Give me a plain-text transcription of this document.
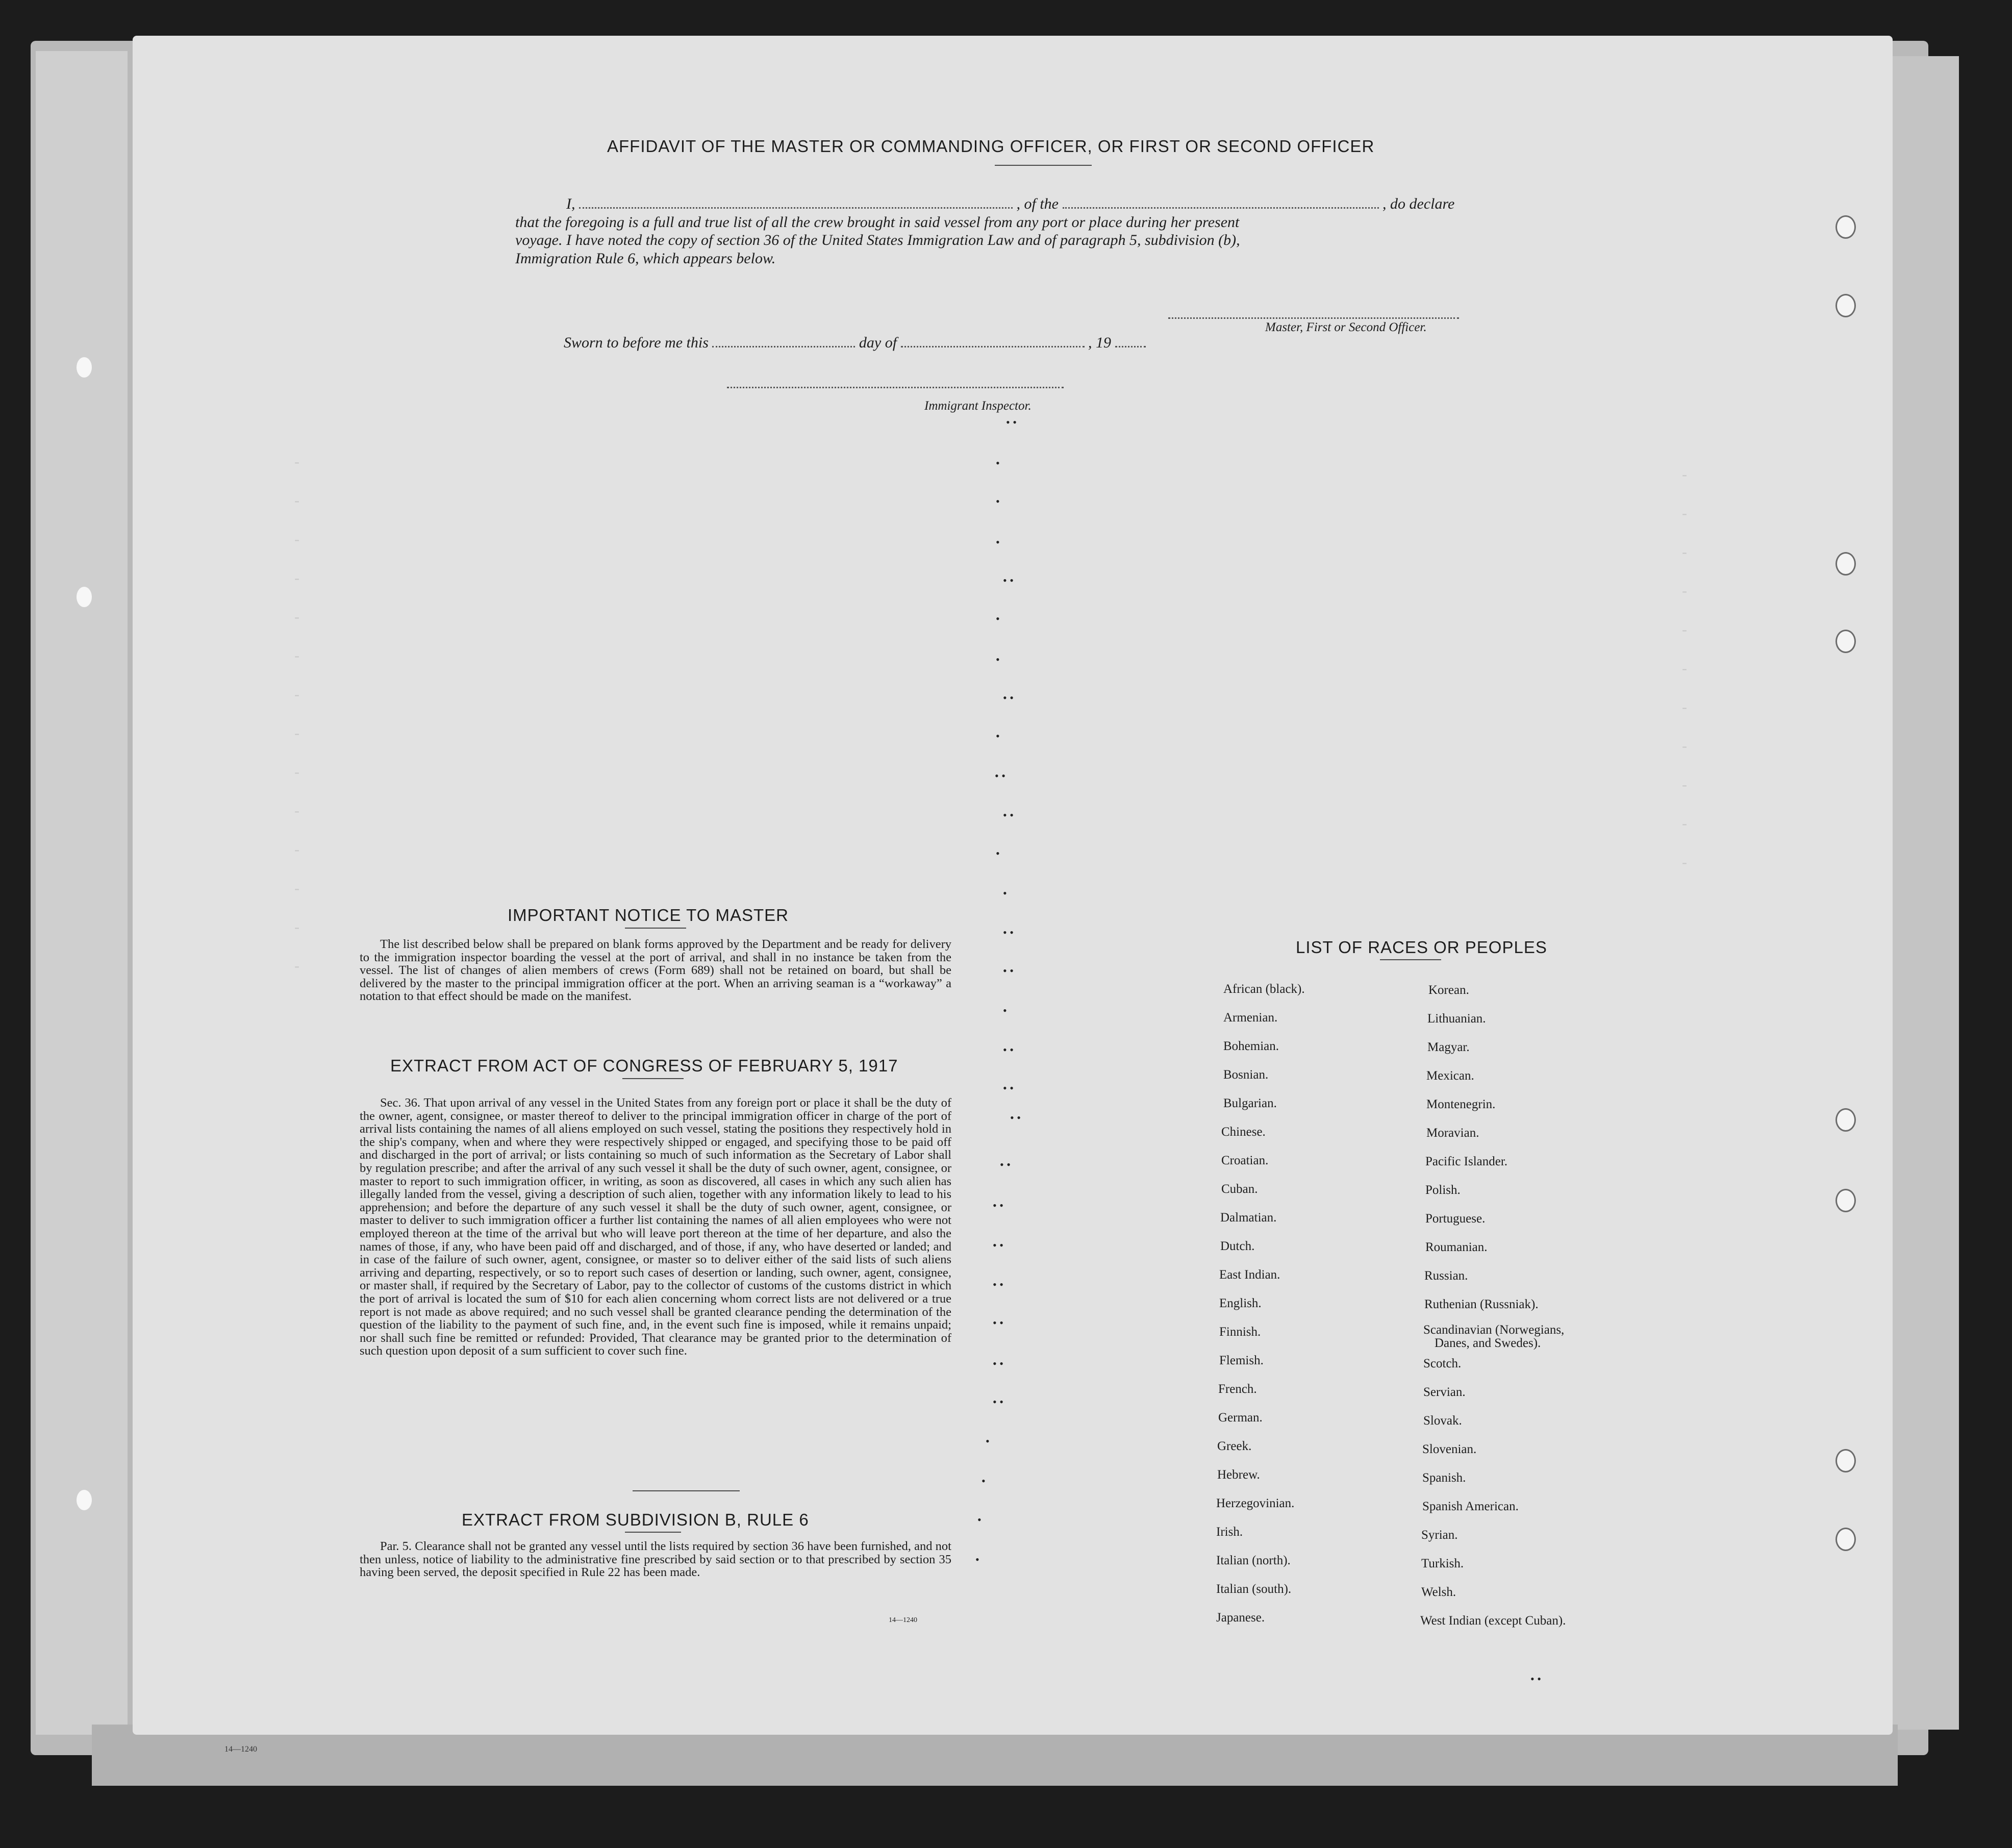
14—1240

-
-
-
-
-
-
-
-
-
-
-
-
-
-

-
-
-
-
-
-
-
-
-
-
-

AFFIDAVIT OF THE MASTER OR COMMANDING OFFICER, OR FIRST OR SECOND OFFICER
I,	, of the	, do declare
that the foregoing is a full and true list of all the crew brought in said vessel from any port or place during her present
voyage. I have noted the copy of section 36 of the United States Immigration Law and of paragraph 5, subdivision (b),
Immigration Rule 6, which appears below.
Master, First or Second Officer.
Sworn to before me this	day of	, 19
Immigrant Inspector.
IMPORTANT NOTICE TO MASTER

The list described below shall be prepared on blank forms approved by the Department and be ready for delivery to the immigration inspector boarding the vessel at the port of arrival, and shall in no instance be taken from the vessel. The list of changes of alien members of crews (Form 689) shall not be retained on board, but shall be delivered by the master to the principal immigration officer at the port. When an arriving seaman is a “workaway” a notation to that effect should be made on the manifest.

EXTRACT FROM ACT OF CONGRESS OF FEBRUARY 5, 1917

Sec. 36. That upon arrival of any vessel in the United States from any foreign port or place it shall be the duty of the owner, agent, consignee, or master thereof to deliver to the principal immigration officer in charge of the port of arrival lists containing the names of all aliens employed on such vessel, stating the positions they respectively hold in the ship's company, when and where they were respectively shipped or engaged, and specifying those to be paid off and discharged in the port of arrival; or lists containing so much of such information as the Secretary of Labor shall by regulation prescribe; and after the arrival of any such vessel it shall be the duty of such owner, agent, consignee, or master to report to such immigration officer, in writing, as soon as discovered, all cases in which any such alien has illegally landed from the vessel, giving a description of such alien, together with any information likely to lead to his apprehension; and before the departure of any such vessel it shall be the duty of such owner, agent, consignee, or master to deliver to such immigration officer a further list containing the names of all alien employees who were not employed thereon at the time of the arrival but who will leave port thereon at the time of her departure, and also the names of those, if any, who have been paid off and discharged, and of those, if any, who have deserted or landed; and in case of the failure of such owner, agent, consignee, or master so to deliver either of the said lists of such aliens arriving and departing, respectively, or so to report such cases of desertion or landing, such owner, agent, consignee, or master shall, if required by the Secretary of Labor, pay to the collector of customs of the customs district in which the port of arrival is located the sum of $10 for each alien concerning whom correct lists are not delivered or a true report is not made as above required; and no such vessel shall be granted clearance pending the determination of the question of the liability to the payment of such fine, and, in the event such fine is imposed, while it remains unpaid; nor shall such fine be remitted or refunded: Provided, That clearance may be granted prior to the determination of such question upon deposit of a sum sufficient to cover such fine.

EXTRACT FROM SUBDIVISION B, RULE 6

Par. 5. Clearance shall not be granted any vessel until the lists required by section 36 have been furnished, and not then unless, notice of liability to the administrative fine prescribed by said section or to that prescribed by section 35 having been served, the deposit specified in Rule 22 has been made.

14—1240
LIST OF RACES OR PEOPLES
African (black).
Armenian.
Bohemian.
Bosnian.
Bulgarian.
Chinese.
Croatian.
Cuban.
Dalmatian.
Dutch.
East Indian.
English.
Finnish.
Flemish.
French.
German.
Greek.
Hebrew.
Herzegovinian.
Irish.
Italian (north).
Italian (south).
Japanese.
Korean.
Lithuanian.
Magyar.
Mexican.
Montenegrin.
Moravian.
Pacific Islander.
Polish.
Portuguese.
Roumanian.
Russian.
Ruthenian (Russniak).
Scandinavian (Norwegians,
Danes, and Swedes).
Scotch.
Servian.
Slovak.
Slovenian.
Spanish.
Spanish American.
Syrian.
Turkish.
Welsh.
West Indian (except Cuban).
• •
•
•
•
• •
•
•
• •
•
• •
• •
•
•
• •
• •
•
• •
• •
• •
• •
• •
• •
• •
• •
• •
• •
•
•
•
•
• •
